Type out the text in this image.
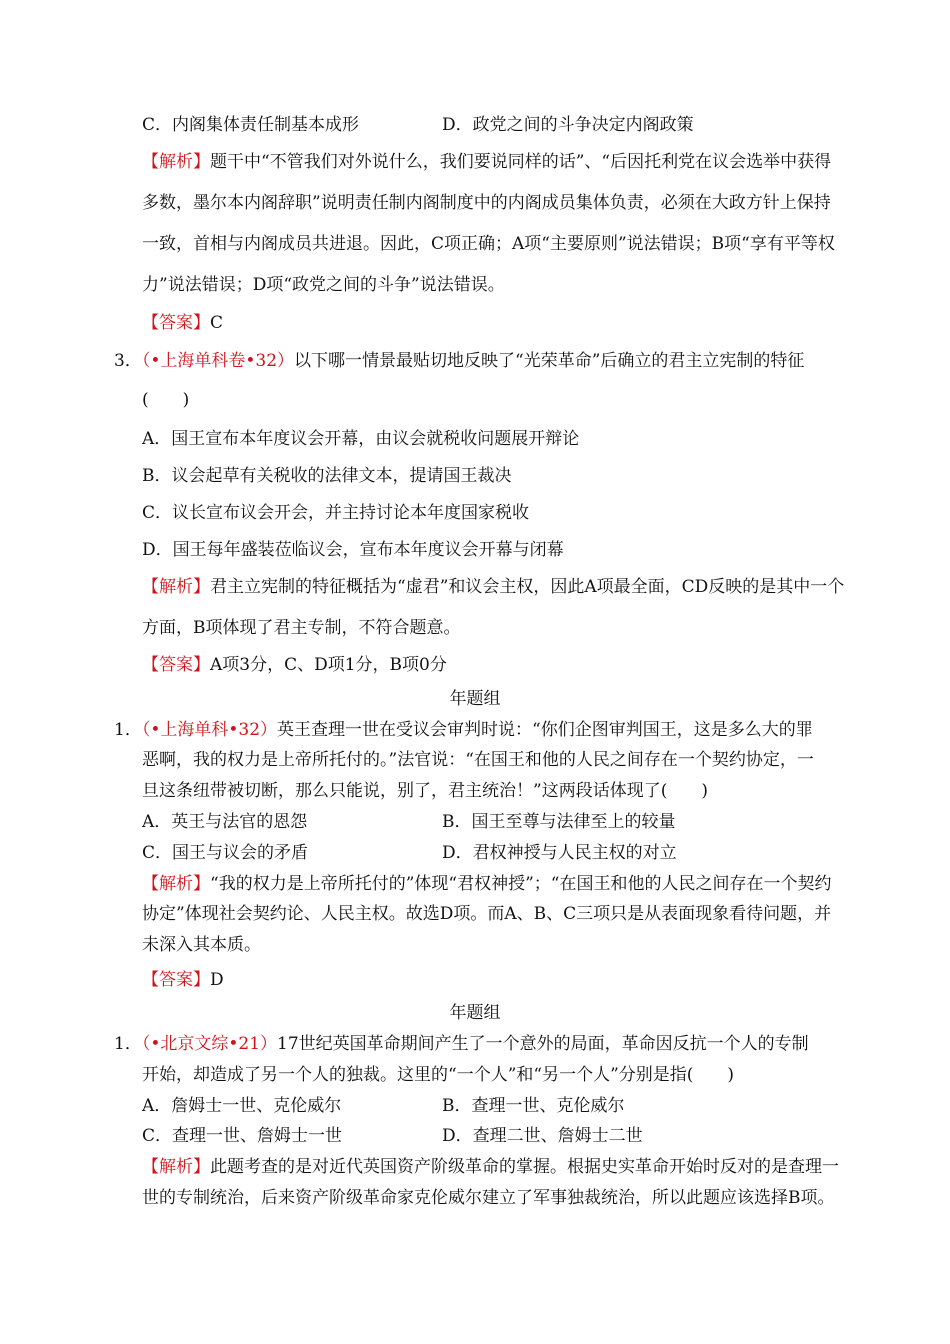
C．内阁集体责任制基本成形	D．政党之间的斗争决定内阁政策
【解析】题干中“不管我们对外说什么，我们要说同样的话”、“后因托利党在议会选举中获得
多数，墨尔本内阁辞职”说明责任制内阁制度中的内阁成员集体负责，必须在大政方针上保持
一致，首相与内阁成员共进退。因此，C项正确；A项“主要原则”说法错误；B项“享有平等权
力”说法错误；D项“政党之间的斗争”说法错误。
【答案】C
3．（•上海单科卷•32）以下哪一情景最贴切地反映了“光荣革命”后确立的君主立宪制的特征
(　　)
A．国王宣布本年度议会开幕，由议会就税收问题展开辩论
B．议会起草有关税收的法律文本，提请国王裁决
C．议长宣布议会开会，并主持讨论本年度国家税收
D．国王每年盛装莅临议会，宣布本年度议会开幕与闭幕
【解析】君主立宪制的特征概括为“虚君”和议会主权，因此A项最全面，CD反映的是其中一个
方面，B项体现了君主专制，不符合题意。
【答案】A项3分，C、D项1分，B项0分
年题组
1．（•上海单科•32）英王查理一世在受议会审判时说：“你们企图审判国王，这是多么大的罪
恶啊，我的权力是上帝所托付的。”法官说：“在国王和他的人民之间存在一个契约协定，一
旦这条纽带被切断，那么只能说，别了，君主统治！”这两段话体现了(　　)
A．英王与法官的恩怨	B．国王至尊与法律至上的较量
C．国王与议会的矛盾	D．君权神授与人民主权的对立
【解析】“我的权力是上帝所托付的”体现“君权神授”；“在国王和他的人民之间存在一个契约
协定”体现社会契约论、人民主权。故选D项。而A、B、C三项只是从表面现象看待问题，并
未深入其本质。
【答案】D
年题组
1．（•北京文综•21）17世纪英国革命期间产生了一个意外的局面，革命因反抗一个人的专制
开始，却造成了另一个人的独裁。这里的“一个人”和“另一个人”分别是指(　　)
A．詹姆士一世、克伦威尔	B．查理一世、克伦威尔
C．查理一世、詹姆士一世	D．查理二世、詹姆士二世
【解析】此题考查的是对近代英国资产阶级革命的掌握。根据史实革命开始时反对的是查理一
世的专制统治，后来资产阶级革命家克伦威尔建立了军事独裁统治，所以此题应该选择B项。
